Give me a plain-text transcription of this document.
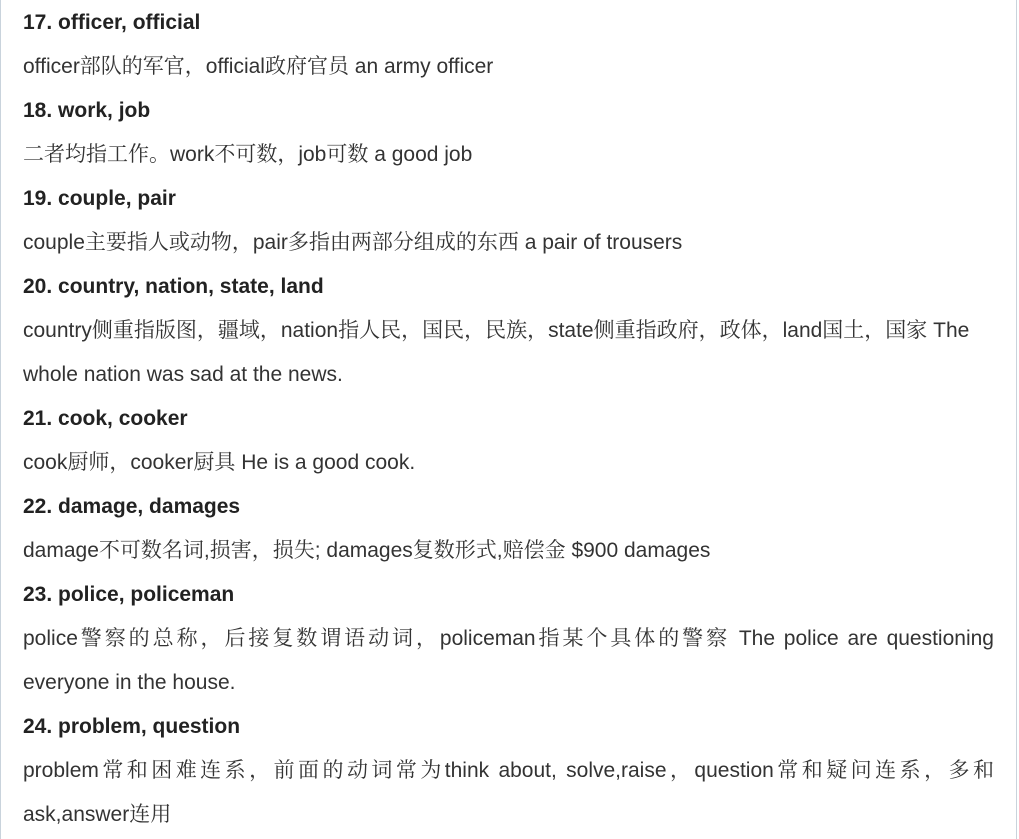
17. officer, official
officer部队的军官，official政府官员 an army officer
18. work, job
二者均指工作。work不可数，job可数 a good job
19. couple, pair
couple主要指人或动物，pair多指由两部分组成的东西 a pair of trousers
20. country, nation, state, land
country侧重指版图，疆域，nation指人民，国民，民族，state侧重指政府，政体，land国土，国家 The whole nation was sad at the news.
21. cook, cooker
cook厨师，cooker厨具 He is a good cook.
22. damage, damages
damage不可数名词,损害，损失; damages复数形式,赔偿金 $900 damages
23. police, policeman
police警察的总称，后接复数谓语动词，policeman指某个具体的警察 The police are questioning everyone in the house.
24. problem, question
problem常和困难连系，前面的动词常为think about, solve,raise，question常和疑问连系，多和ask,answer连用
